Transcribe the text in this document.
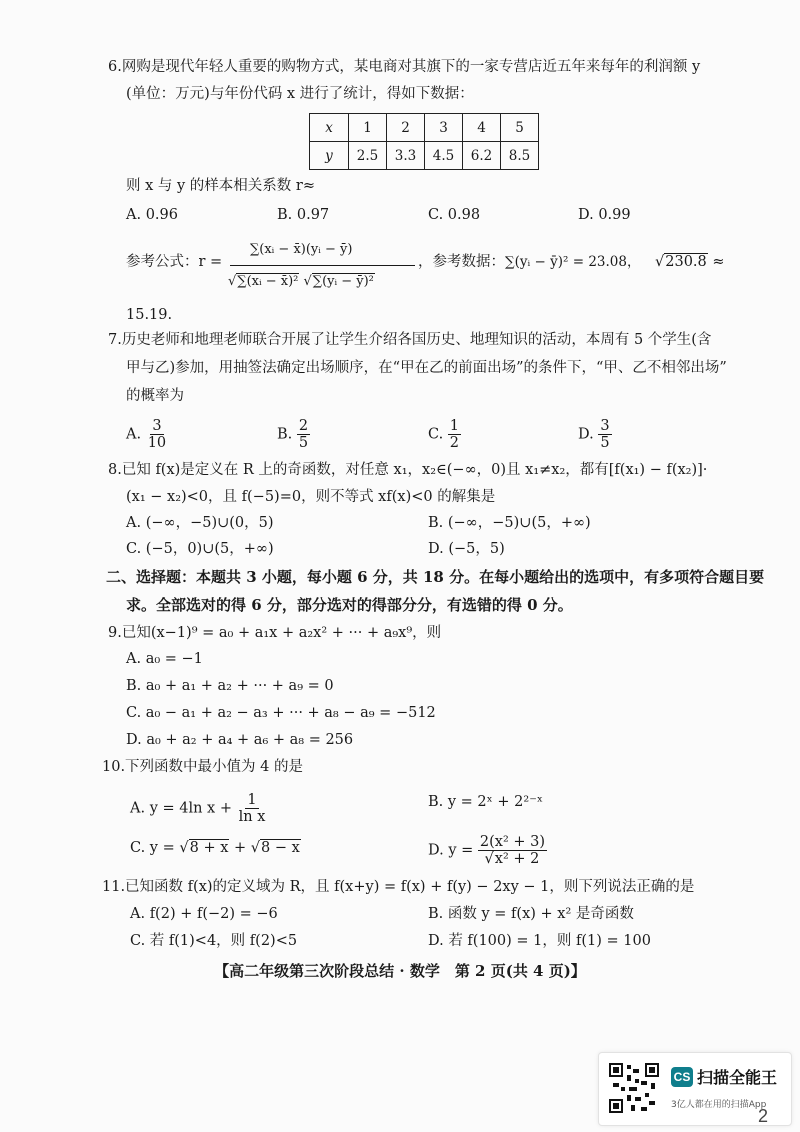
6.网购是现代年轻人重要的购物方式，某电商对其旗下的一家专营店近五年来每年的利润额 y
(单位：万元)与年份代码 x 进行了统计，得如下数据：
x	1	2	3	4	5
y	2.5	3.3	4.5	6.2	8.5
则 x 与 y 的样本相关系数 r≈
A. 0.96	B. 0.97	C. 0.98	D. 0.99
参考公式：r =
∑(xᵢ − x̄)(yᵢ − ȳ)
√∑(xᵢ − x̄)² √∑(yᵢ − ȳ)²
，参考数据： ∑(yᵢ − ȳ)² = 23.08， √230.8 ≈
15.19.
7.历史老师和地理老师联合开展了让学生介绍各国历史、地理知识的活动，本周有 5 个学生(含
甲与乙)参加，用抽签法确定出场顺序，在“甲在乙的前面出场”的条件下，“甲、乙不相邻出场”
的概率为
A. $\frac{3}{10}$	B. $\frac{2}{5}$	C. $\frac{1}{2}$	D. $\frac{3}{5}$
8.已知 f(x)是定义在 R 上的奇函数，对任意 x₁，x₂∈(−∞，0)且 x₁≠x₂，都有[f(x₁) − f(x₂)]·
(x₁ − x₂)<0，且 f(−5)=0，则不等式 xf(x)<0 的解集是
A. (−∞，−5)∪(0，5)	B. (−∞，−5)∪(5，+∞)
C. (−5，0)∪(5，+∞)	D. (−5，5)
二、选择题：本题共 3 小题，每小题 6 分，共 18 分。在每小题给出的选项中，有多项符合题目要
求。全部选对的得 6 分，部分选对的得部分分，有选错的得 0 分。
9.已知(x−1)⁹ = a₀ + a₁x + a₂x² + ··· + a₉x⁹，则
A. a₀ = −1
B. a₀ + a₁ + a₂ + ··· + a₉ = 0
C. a₀ − a₁ + a₂ − a₃ + ··· + a₈ − a₉ = −512
D. a₀ + a₂ + a₄ + a₆ + a₈ = 256
10.下列函数中最小值为 4 的是
A. y = 4ln $x + \frac{1}{\text{ln x}}$	B. y = 2ˣ + 2²⁻ˣ
C. y = √8 + x + √8 − x	D. $y = \frac{\text{2(x² + 3)}}{\text{√x² + 2}}$
11.已知函数 f(x)的定义域为 R，且 f(x+y) = f(x) + f(y) − 2xy − 1，则下列说法正确的是
A. f(2) + f(−2) = −6	B. 函数 y = f(x) + x² 是奇函数
C. 若 f(1)<4，则 f(2)<5	D. 若 f(100) = 1，则 f(1) = 100
【高二年级第三次阶段总结 · 数学　第 2 页(共 4 页)】
CS 扫描全能王
3亿人都在用的扫描App
2
